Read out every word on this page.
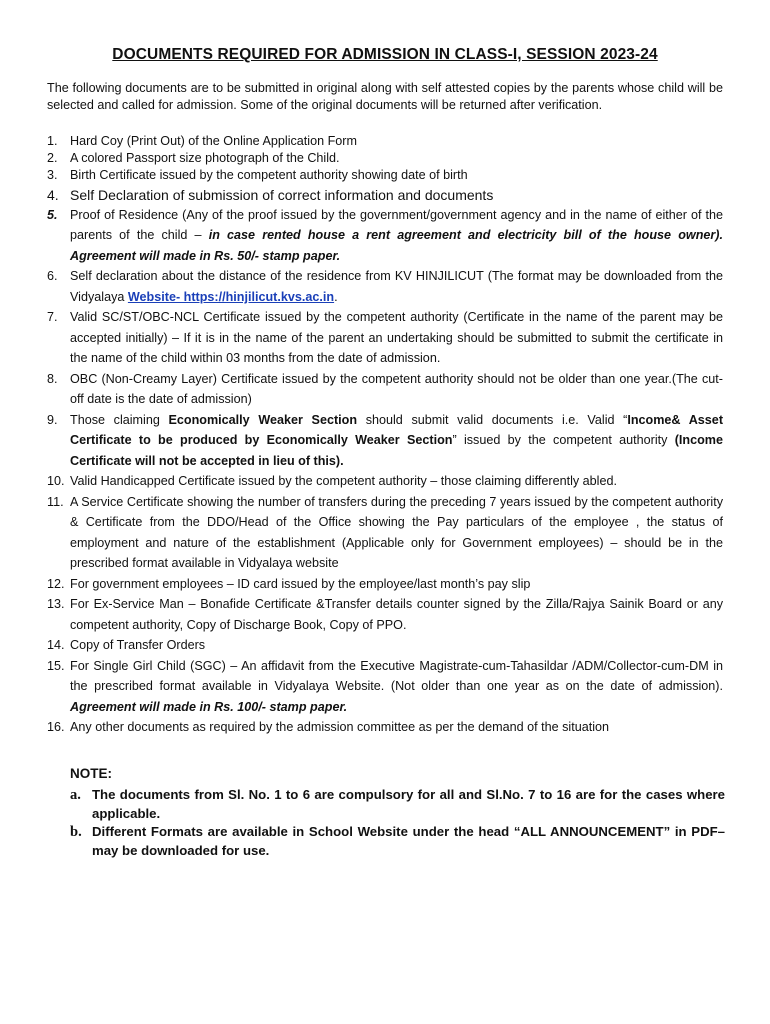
DOCUMENTS REQUIRED FOR ADMISSION IN CLASS-I, SESSION 2023-24
The following documents are to be submitted in original along with self attested copies by the parents whose child will be selected and called for admission. Some of the original documents will be returned after verification.
1. Hard Coy (Print Out) of the Online Application Form
2. A colored Passport size photograph of the Child.
3. Birth Certificate issued by the competent authority showing date of birth
4. Self Declaration of submission of correct information and documents
5. Proof of Residence (Any of the proof issued by the government/government agency and in the name of either of the parents of the child – in case rented house a rent agreement and electricity bill of the house owner). Agreement will made in Rs. 50/- stamp paper.
6. Self declaration about the distance of the residence from KV HINJILICUT (The format may be downloaded from the Vidyalaya Website- https://hinjilicut.kvs.ac.in.
7. Valid SC/ST/OBC-NCL Certificate issued by the competent authority (Certificate in the name of the parent may be accepted initially) – If it is in the name of the parent an undertaking should be submitted to submit the certificate in the name of the child within 03 months from the date of admission.
8. OBC (Non-Creamy Layer) Certificate issued by the competent authority should not be older than one year.(The cut-off date is the date of admission)
9. Those claiming Economically Weaker Section should submit valid documents i.e. Valid “Income& Asset Certificate to be produced by Economically Weaker Section” issued by the competent authority (Income Certificate will not be accepted in lieu of this).
10. Valid Handicapped Certificate issued by the competent authority – those claiming differently abled.
11. A Service Certificate showing the number of transfers during the preceding 7 years issued by the competent authority & Certificate from the DDO/Head of the Office showing the Pay particulars of the employee , the status of employment and nature of the establishment (Applicable only for Government employees) – should be in the prescribed format available in Vidyalaya website
12. For government employees – ID card issued by the employee/last month’s pay slip
13. For Ex-Service Man – Bonafide Certificate &Transfer details counter signed by the Zilla/Rajya Sainik Board or any competent authority, Copy of Discharge Book, Copy of PPO.
14. Copy of Transfer Orders
15. For Single Girl Child (SGC) – An affidavit from the Executive Magistrate-cum-Tahasildar /ADM/Collector-cum-DM in the prescribed format available in Vidyalaya Website. (Not older than one year as on the date of admission). Agreement will made in Rs. 100/- stamp paper.
16. Any other documents as required by the admission committee as per the demand of the situation
NOTE:
a. The documents from Sl. No. 1 to 6 are compulsory for all and Sl.No. 7 to 16 are for the cases where applicable.
b. Different Formats are available in School Website under the head “ALL ANNOUNCEMENT” in PDF– may be downloaded for use.
